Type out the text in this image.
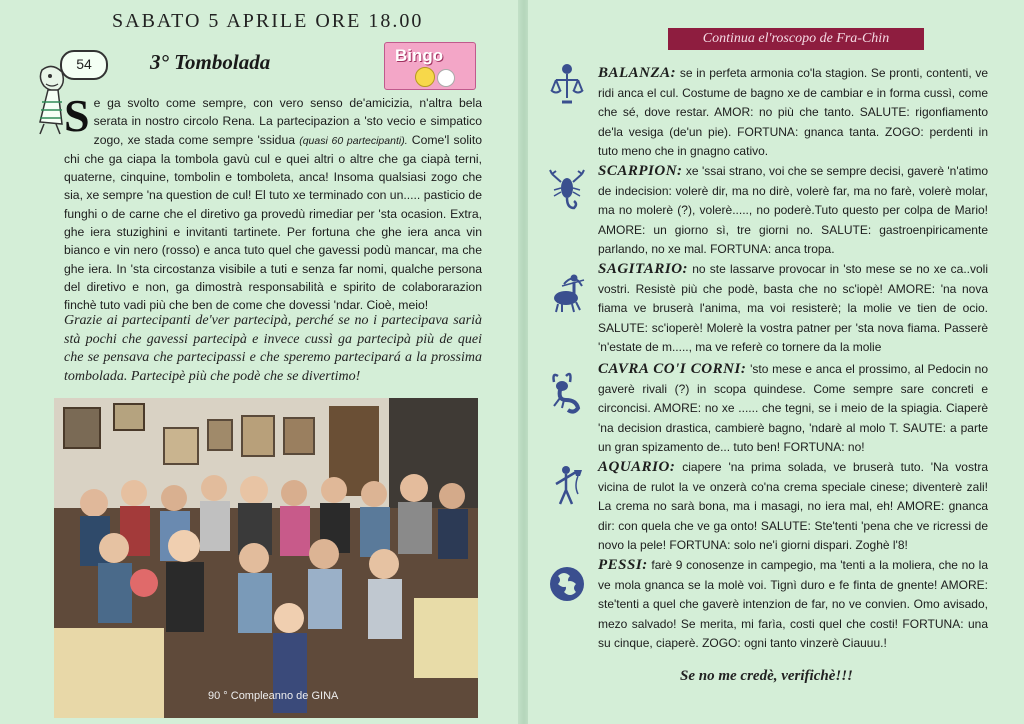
SABATO 5 APRILE ORE 18.00
54	3° Tombolada	Bingo
Se ga svolto come sempre, con vero senso de'amicizia, n'altra bela serata in nostro circolo Rena. La partecipazion a 'sto vecio e simpatico zogo, xe stada come sempre 'ssidua (quasi 60 partecipanti). Come'l solito chi che ga ciapa la tombola gavù cul e quei altri o altre che ga ciapà terni, quaterne, cinquine, tombolin e tomboleta, anca! Insoma qualsiasi zogo che sia, xe sempre 'na question de cul! El tuto xe terminado con un..... pasticio de funghi o de carne che el diretivo ga provedù rimediar per 'sta ocasion. Extra, ghe iera stuzighini e invitanti tartinete. Per fortuna che ghe iera anca vin bianco e vin nero (rosso) e anca tuto quel che gavessi podù mancar, ma che ghe iera. In 'sta circostanza visibile a tuti e senza far nomi, qualche persona del diretivo e non, ga dimostrà responsabilità e spirito de colaborarazion finchè tuto vadi più che ben de come che dovessi 'ndar. Cioè, meio!
Grazie ai partecipanti de'ver partecipà, perché se no i partecipava sarià stà pochi che gavessi partecipà e invece cussì ga partecipà più de quei che se pensava che partecipassi e che speremo partecipará a la prossima tombolada. Partecipè più che podè che se divertimo!
90 ° Compleanno de GINA
Continua el'roscopo de Fra-Chin
BALANZA: se in perfeta armonia co'la stagion. Se pronti, contenti, ve ridi anca el cul. Costume de bagno xe de cambiar e in forma cussì, come che sé, dove restar. AMOR: no più che tanto. SALUTE: rigonfiamento de'la vesiga (de'un pie). FORTUNA: gnanca tanta. ZOGO: perdenti in tuto meno che in gnagno cativo.
SCARPION: xe 'ssai strano, voi che se sempre decisi, gaverè 'n'atimo de indecision: volerè dir, ma no dirè, volerè far, ma no farè, volerè molar, ma no molerè (?), volerè....., no poderè.Tuto questo per colpa de Mario! AMORE: un giorno sì, tre giorni no. SALUTE: gastroenpiricamente parlando, no xe mal. FORTUNA: anca tropa.
SAGITARIO: no ste lassarve provocar in 'sto mese se no xe ca..voli vostri. Resistè più che podè, basta che no sc'iopè! AMORE: 'na nova fiama ve bruserà l'anima, ma voi resisterè; la molie ve tien de ocio. SALUTE: sc'ioperè! Molerè la vostra patner per 'sta nova fiama. Passerè 'n'estate de m....., ma ve referè co tornere da la molie
CAVRA CO'I CORNI: 'sto mese e anca el prossimo, al Pedocin no gaverè rivali (?) in scopa quindese. Come sempre sare concreti e circoncisi. AMORE: no xe ...... che tegni, se i meio de la spiagia. Ciaperè 'na decision drastica, cambierè bagno, 'ndarè al molo T. SAUTE: a parte un gran spizamento de... tuto ben! FORTUNA: no!
AQUARIO: ciapere 'na prima solada, ve bruserà tuto. 'Na vostra vicina de rulot la ve onzerà co'na crema speciale cinese; diventerè zali! La crema no sarà bona, ma i masagi, no iera mal, eh! AMORE: gnanca dir: con quela che ve ga onto! SALUTE: Ste'tenti 'pena che ve ricressi de novo la pele! FORTUNA: solo ne'i giorni dispari. Zoghè l'8!
PESSI: farè 9 conosenze in campegio, ma 'tenti a la moliera, che no la ve mola gnanca se la molè voi. Tignì duro e fe finta de gnente! AMORE: ste'tenti a quel che gaverè intenzion de far, no ve convien. Omo avisado, mezo salvado! Se merita, mi farìa, costi quel che costi! FORTUNA: una su cinque, ciaperè. ZOGO: ogni tanto vinzerè Ciauuu.!
Se no me credè, verifichè!!!
